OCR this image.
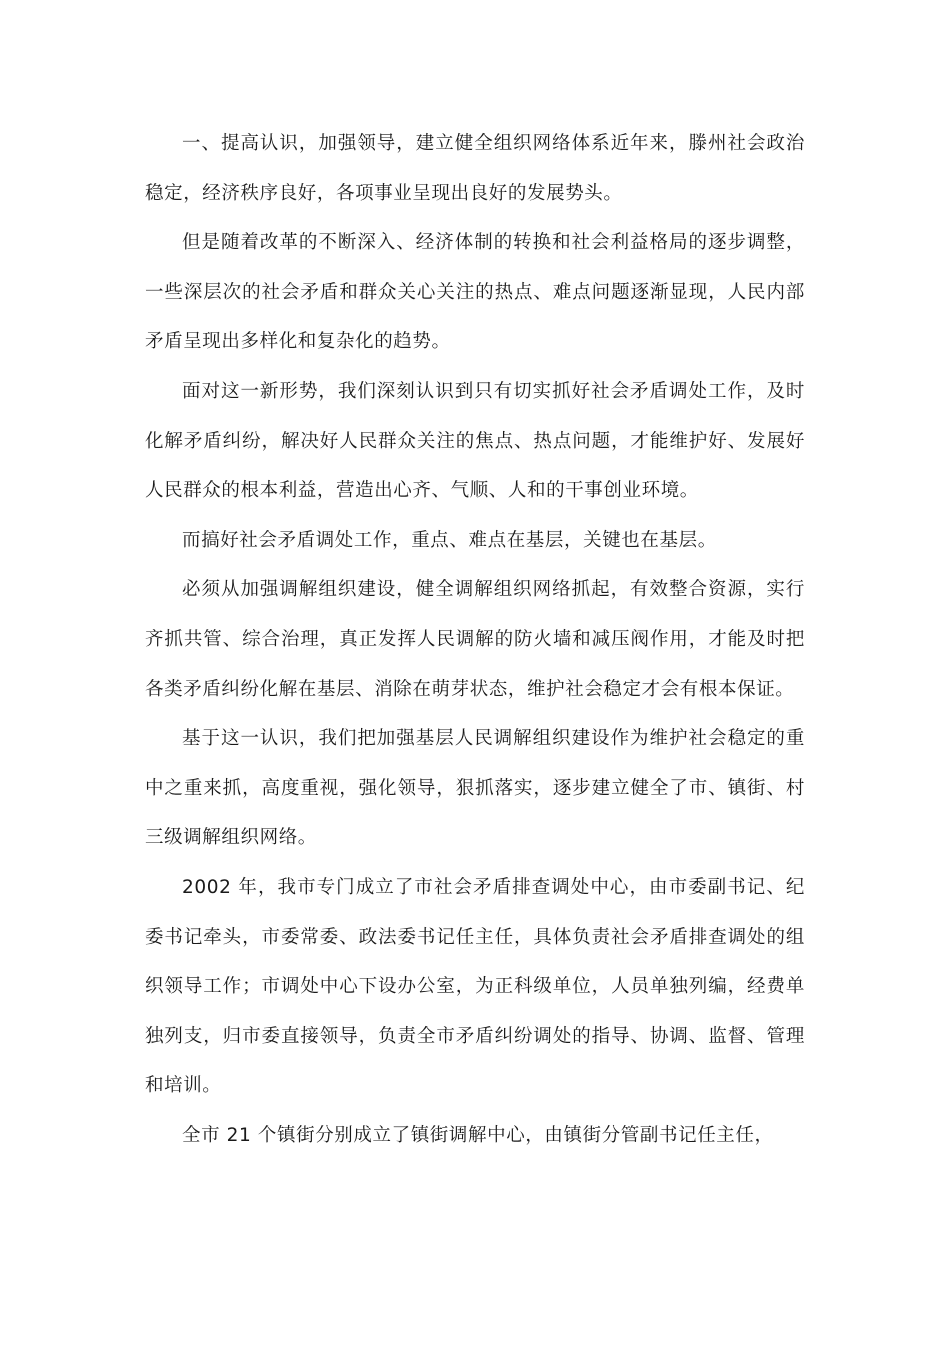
一、提高认识，加强领导，建立健全组织网络体系近年来，滕州社会政治稳定，经济秩序良好，各项事业呈现出良好的发展势头。

但是随着改革的不断深入、经济体制的转换和社会利益格局的逐步调整，一些深层次的社会矛盾和群众关心关注的热点、难点问题逐渐显现，人民内部矛盾呈现出多样化和复杂化的趋势。

面对这一新形势，我们深刻认识到只有切实抓好社会矛盾调处工作，及时化解矛盾纠纷，解决好人民群众关注的焦点、热点问题，才能维护好、发展好人民群众的根本利益，营造出心齐、气顺、人和的干事创业环境。

而搞好社会矛盾调处工作，重点、难点在基层，关键也在基层。

必须从加强调解组织建设，健全调解组织网络抓起，有效整合资源，实行齐抓共管、综合治理，真正发挥人民调解的防火墙和减压阀作用，才能及时把各类矛盾纠纷化解在基层、消除在萌芽状态，维护社会稳定才会有根本保证。

基于这一认识，我们把加强基层人民调解组织建设作为维护社会稳定的重中之重来抓，高度重视，强化领导，狠抓落实，逐步建立健全了市、镇街、村三级调解组织网络。

2002 年，我市专门成立了市社会矛盾排查调处中心，由市委副书记、纪委书记牵头，市委常委、政法委书记任主任，具体负责社会矛盾排查调处的组织领导工作；市调处中心下设办公室，为正科级单位，人员单独列编，经费单独列支，归市委直接领导，负责全市矛盾纠纷调处的指导、协调、监督、管理和培训。

全市 21 个镇街分别成立了镇街调解中心，由镇街分管副书记任主任，
